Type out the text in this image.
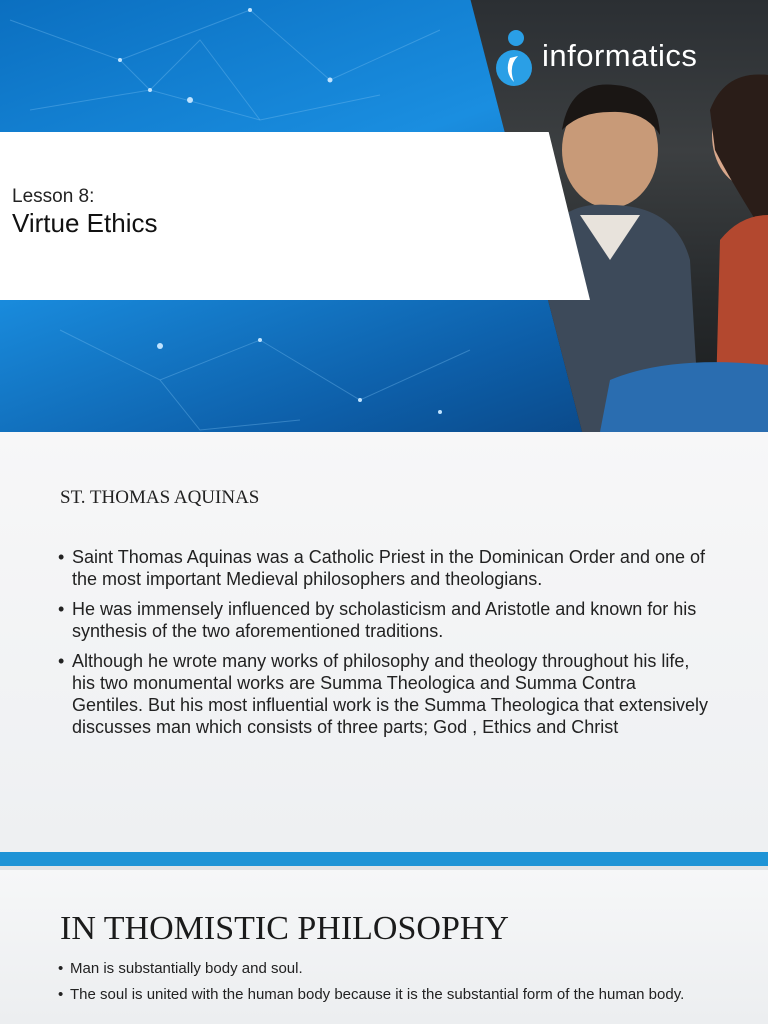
Lesson 8:
Virtue Ethics
informatics
ST. THOMAS AQUINAS
• Saint Thomas Aquinas was a Catholic Priest in the Dominican Order and one of the most important Medieval philosophers and theologians.
• He was immensely influenced by scholasticism and Aristotle and known for his synthesis of the two aforementioned traditions.
• Although he wrote many works of philosophy and theology throughout his life, his two monumental works are Summa Theologica and Summa Contra Gentiles. But his most influential work is the Summa Theologica that extensively discusses man which consists of three parts; God , Ethics and Christ
IN THOMISTIC PHILOSOPHY
• Man is substantially body and soul.
• The soul is united with the human body because it is the substantial form of the human body.
